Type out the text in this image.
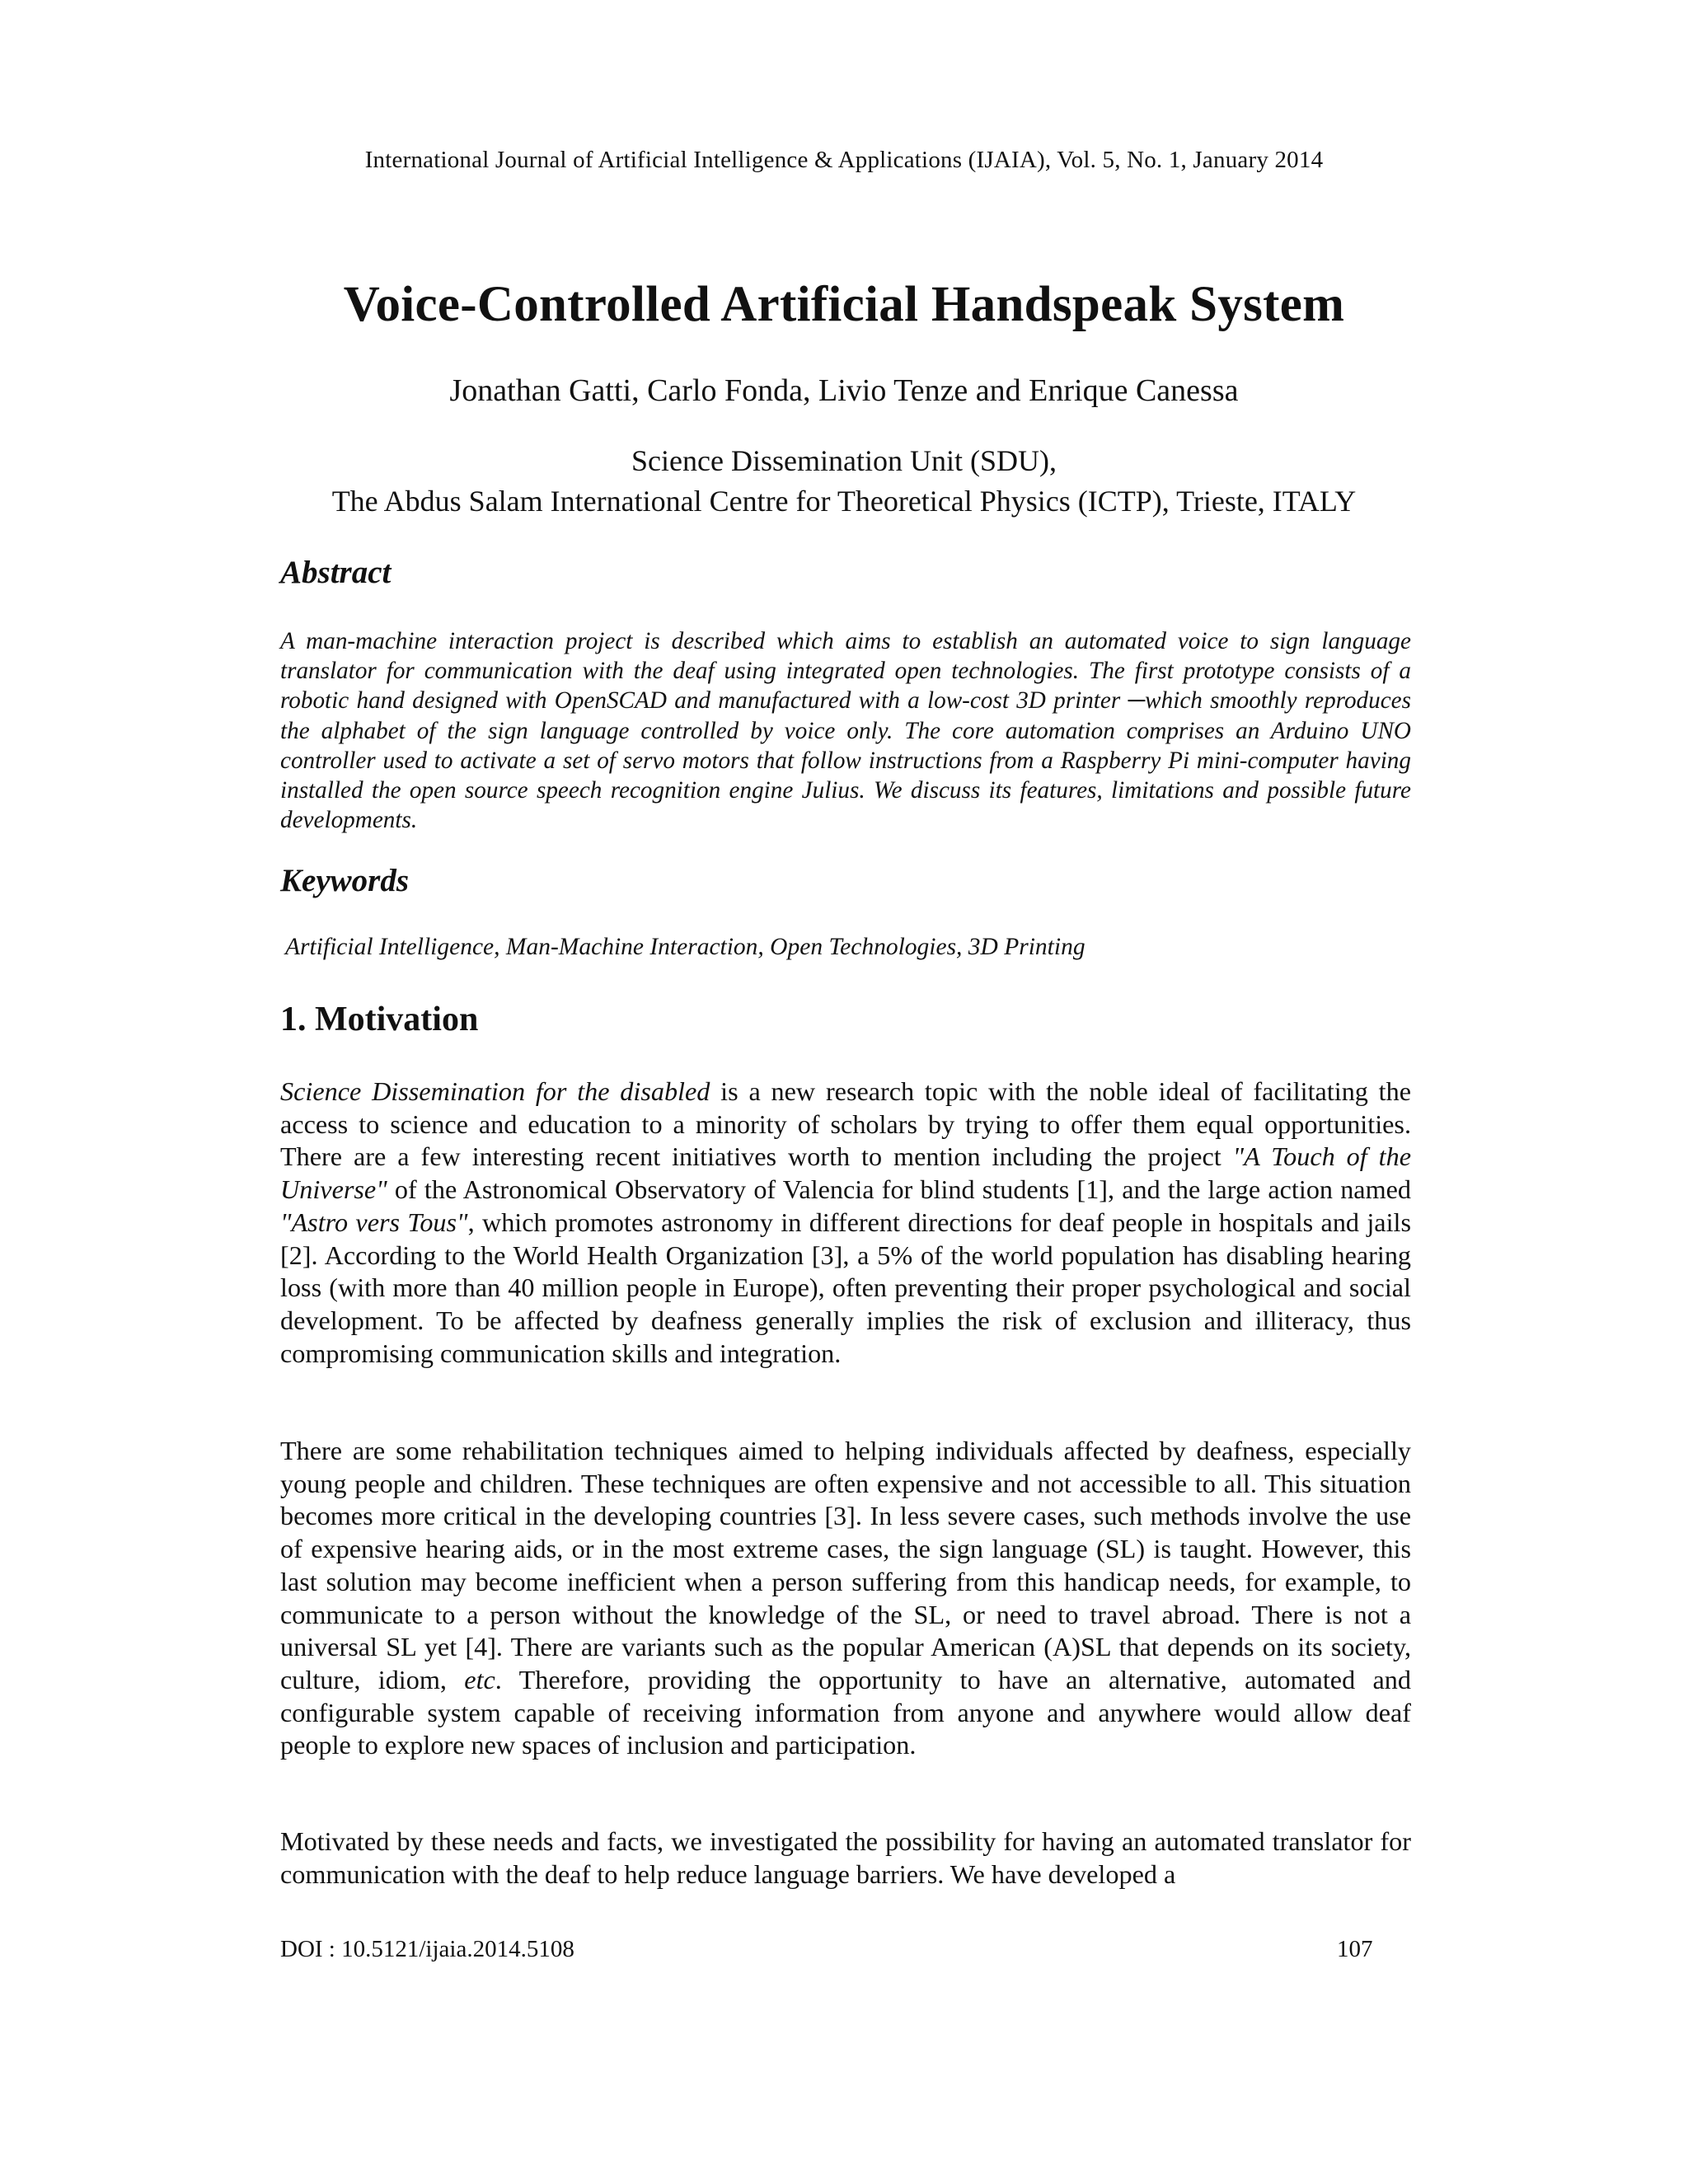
International Journal of Artificial Intelligence & Applications (IJAIA), Vol. 5, No. 1, January 2014
Voice-Controlled Artificial Handspeak System
Jonathan Gatti, Carlo Fonda, Livio Tenze and Enrique Canessa
Science Dissemination Unit (SDU),
The Abdus Salam International Centre for Theoretical Physics (ICTP), Trieste, ITALY
Abstract
A man-machine interaction project is described which aims to establish an automated voice to sign language translator for communication with the deaf using integrated open technologies. The first prototype consists of a robotic hand designed with OpenSCAD and manufactured with a low-cost 3D printer ─which smoothly reproduces the alphabet of the sign language controlled by voice only. The core automation comprises an Arduino UNO controller used to activate a set of servo motors that follow instructions from a Raspberry Pi mini-computer having installed the open source speech recognition engine Julius. We discuss its features, limitations and possible future developments.
Keywords
Artificial Intelligence, Man-Machine Interaction, Open Technologies, 3D Printing
1. Motivation
Science Dissemination for the disabled is a new research topic with the noble ideal of facilitating the access to science and education to a minority of scholars by trying to offer them equal opportunities. There are a few interesting recent initiatives worth to mention including the project "A Touch of the Universe" of the Astronomical Observatory of Valencia for blind students [1], and the large action named "Astro vers Tous", which promotes astronomy in different directions for deaf people in hospitals and jails [2]. According to the World Health Organization [3], a 5% of the world population has disabling hearing loss (with more than 40 million people in Europe), often preventing their proper psychological and social development. To be affected by deafness generally implies the risk of exclusion and illiteracy, thus compromising communication skills and integration.
There are some rehabilitation techniques aimed to helping individuals affected by deafness, especially young people and children. These techniques are often expensive and not accessible to all. This situation becomes more critical in the developing countries [3]. In less severe cases, such methods involve the use of expensive hearing aids, or in the most extreme cases, the sign language (SL) is taught. However, this last solution may become inefficient when a person suffering from this handicap needs, for example, to communicate to a person without the knowledge of the SL, or need to travel abroad. There is not a universal SL yet [4]. There are variants such as the popular American (A)SL that depends on its society, culture, idiom, etc. Therefore, providing the opportunity to have an alternative, automated and configurable system capable of receiving information from anyone and anywhere would allow deaf people to explore new spaces of inclusion and participation.
Motivated by these needs and facts, we investigated the possibility for having an automated translator for communication with the deaf to help reduce language barriers. We have developed a
DOI : 10.5121/ijaia.2014.5108	107
